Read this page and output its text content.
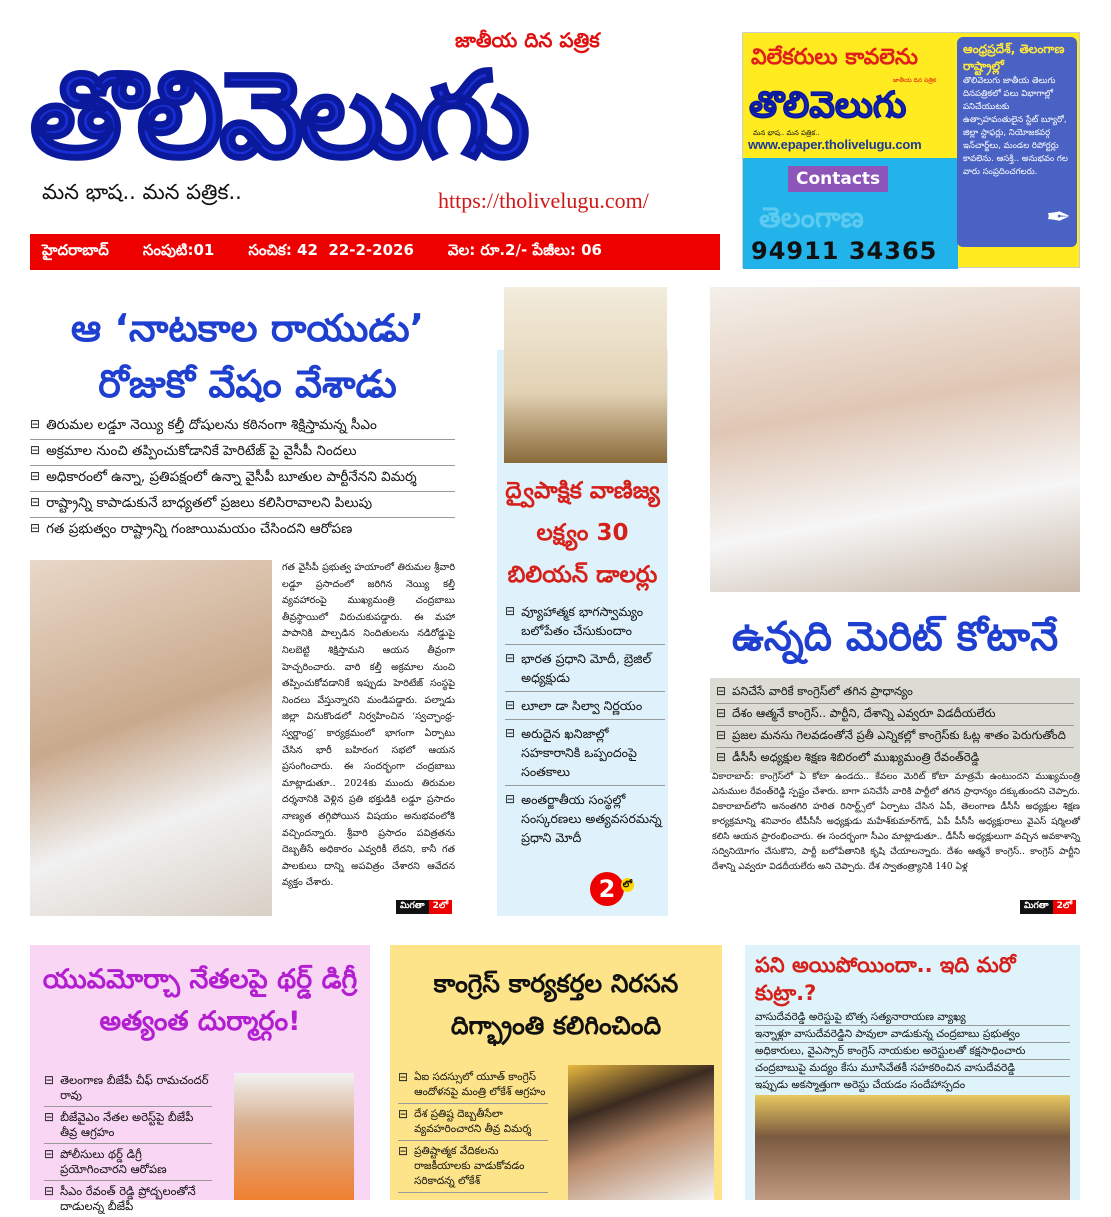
తొలివెలుగు
జాతీయ దిన పత్రిక
మన భాష.. మన పత్రిక..	https://tholivelugu.com/
హైదరాబాద్ సంపుటి:01 సంచిక: 42 22-2-2026 వెల: రూ.2/- పేజీలు: 06
విలేకరులు కావలెను
జాతీయ దిన పత్రిక
తొలివెలుగు
మన భాష.. మన పత్రిక..
www.epaper.tholivelugu.com
Contacts
తెలంగాణ
94911 34365
ఆంధ్రప్రదేశ్, తెలంగాణ రాష్ట్రాల్లో
తొలివెలుగు జాతీయ తెలుగు దినపత్రికలో పలు విభాగాల్లో పనిచేయుటకు ఉత్సాహవంతులైన స్టేట్ బ్యూరో, జిల్లా స్టాఫర్లు, నియోజకవర్గ ఇన్‌చార్జ్‌లు, మండల రిపోర్టర్లు కావలెను. ఆసక్తి.. అనుభవం గల వారు సంప్రదించగలరు.
✒
ఆ ‘నాటకాల రాయుడు’
రోజుకో వేషం వేశాడు
⊟ తిరుమల లడ్డూ నెయ్యి కల్తీ దోషులను కఠినంగా శిక్షిస్తామన్న సీఎం
⊟ అక్రమాల నుంచి తప్పించుకోడానికే హెరిటేజ్ పై వైసీపీ నిందలు
⊟ అధికారంలో ఉన్నా, ప్రతిపక్షంలో ఉన్నా వైసీపీ బూతుల పార్టీనేనని విమర్శ
⊟ రాష్ట్రాన్ని కాపాడుకునే బాధ్యతలో ప్రజలు కలిసిరావాలని పిలుపు
⊟ గత ప్రభుత్వం రాష్ట్రాన్ని గంజాయిమయం చేసిందని ఆరోపణ
గత వైసీపీ ప్రభుత్వ హయాంలో తిరుమల శ్రీవారి లడ్డూ ప్రసాదంలో జరిగిన నెయ్యి కల్తీ వ్యవహారంపై ముఖ్యమంత్రి చంద్రబాబు తీవ్రస్థాయిలో విరుచుకుపడ్డారు. ఈ మహా పాపానికి పాల్పడిన నిందితులను నడిరోడ్డుపై నిలబెట్టి శిక్షిస్తామని ఆయన తీవ్రంగా హెచ్చరించారు. వారి కల్తీ అక్రమాల నుంచి తప్పించుకోవడానికే ఇప్పుడు హెరిటేజ్ సంస్థపై నిందలు వేస్తున్నారని మండిపడ్డారు. పల్నాడు జిల్లా వినుకొండలో నిర్వహించిన ‘స్వచ్ఛాంధ్ర-స్వర్ణాంధ్ర’ కార్యక్రమంలో భాగంగా ఏర్పాటు చేసిన భారీ బహిరంగ సభలో ఆయన ప్రసంగించారు. ఈ సందర్భంగా చంద్రబాబు మాట్లాడుతూ.. 2024కు ముందు తిరుమల దర్శనానికి వెళ్లిన ప్రతి భక్తుడికి లడ్డూ ప్రసాదం నాణ్యత తగ్గిపోయిన విషయం అనుభవంలోకి వచ్చిందన్నారు. శ్రీవారి ప్రసాదం పవిత్రతను దెబ్బతీసే అధికారం ఎవ్వరికీ లేదని, కానీ గత పాలకులు దాన్ని అపవిత్రం చేశారని ఆవేదన వ్యక్తం చేశారు.
మిగతా 2లో
ద్వైపాక్షిక వాణిజ్య
లక్ష్యం 30
బిలియన్ డాలర్లు
⊟ వ్యూహాత్మక భాగస్వామ్యం బలోపేతం చేసుకుందాం
⊟ భారత ప్రధాని మోదీ, బ్రెజిల్ అధ్యక్షుడు
⊟ లూలా డా సిల్వా నిర్ణయం
⊟ అరుదైన ఖనిజాల్లో సహకారానికి ఒప్పందంపై సంతకాలు
⊟ అంతర్జాతీయ సంస్థల్లో సంస్కరణలు అత్యవసరమన్న ప్రధాని మోదీ
2 లో
ఉన్నది మెరిట్ కోటానే
⊟ పనిచేసే వారికే కాంగ్రెస్‌లో తగిన ప్రాధాన్యం
⊟ దేశం ఆత్మనే కాంగ్రెస్.. పార్టీని, దేశాన్ని ఎవ్వరూ విడదీయలేరు
⊟ ప్రజల మనసు గెలవడంతోనే ప్రతీ ఎన్నికల్లో కాంగ్రెస్‌కు ఓట్ల శాతం పెరుగుతోంది
⊟ డీసీసీ అధ్యక్షుల శిక్షణ శిబిరంలో ముఖ్యమంత్రి రేవంత్‌రెడ్డి
వికారాబాద్: కాంగ్రెస్‌లో ఏ కోటా ఉండదు.. కేవలం మెరిట్ కోటా మాత్రమే ఉంటుందని ముఖ్యమంత్రి ఎనుముల రేవంత్‌రెడ్డి స్పష్టం చేశారు. బాగా పనిచేసే వారికి పార్టీలో తగిన ప్రాధాన్యం దక్కుతుందని చెప్పారు. వికారాబాద్‌లోని అనంతగిరి హరిత రిసార్ట్స్‌లో ఏర్పాటు చేసిన ఏపీ, తెలంగాణ డీసీసీ అధ్యక్షుల శిక్షణ కార్యక్రమాన్ని శనివారం టీపీసీసీ అధ్యక్షుడు మహేశ్‌కుమార్‌గౌడ్, ఏపీ పీసీసీ అధ్యక్షురాలు వైఎస్ షర్మిలతో కలిసి ఆయన ప్రారంభించారు. ఈ సందర్భంగా సీఎం మాట్లాడుతూ.. డీసీసీ అధ్యక్షులుగా వచ్చిన అవకాశాన్ని సద్వినియోగం చేసుకొని, పార్టీ బలోపేతానికి కృషి చేయాలన్నారు. దేశం ఆత్మనే కాంగ్రెస్.. కాంగ్రెస్ పార్టీని దేశాన్ని ఎవ్వరూ విడదీయలేరు అని చెప్పారు. దేశ స్వాతంత్ర్యానికి 140 ఏళ్ల
మిగతా 2లో
యువమోర్చా నేతలపై థర్డ్ డిగ్రీ అత్యంత దుర్మార్గం!
⊟ తెలంగాణ బీజేపీ చీఫ్ రామచందర్ రావు
⊟ బీజేవైఎం నేతల అరెస్ట్‌పై బీజేపీ తీవ్ర ఆగ్రహం
⊟ పోలీసులు థర్డ్ డిగ్రీ ప్రయోగించారని ఆరోపణ
⊟ సీఎం రేవంత్ రెడ్డి ప్రోద్బలంతోనే దాడులన్న బీజేపీ
కాంగ్రెస్ కార్యకర్తల నిరసన దిగ్భ్రాంతి కలిగించింది
⊟ ఏఐ సదస్సులో యూత్ కాంగ్రెస్ ఆందోళనపై మంత్రి లోకేశ్ ఆగ్రహం
⊟ దేశ ప్రతిష్ట దెబ్బతీసేలా వ్యవహరించారని తీవ్ర విమర్శ
⊟ ప్రతిష్టాత్మక వేదికలను రాజకీయాలకు వాడుకోవడం సరికాదన్న లోకేశ్
పని అయిపోయిందా.. ఇది మరో కుట్రా.?
వాసుదేవరెడ్డి అరెస్టుపై బొత్స సత్యనారాయణ వ్యాఖ్య
ఇన్నాళ్లూ వాసుదేవరెడ్డిని పావులా వాడుకున్న చంద్రబాబు ప్రభుత్వం
అధికారులు, వైఎస్సార్ కాంగ్రెస్ నాయకుల అరెస్టులతో కక్షసాధించారు
చంద్రబాబుపై మద్యం కేసు మూసివేతకీ సహకరించిన వాసుదేవరెడ్డి
ఇప్పుడు అకస్మాత్తుగా అరెస్టు చేయడం సందేహాస్పదం
